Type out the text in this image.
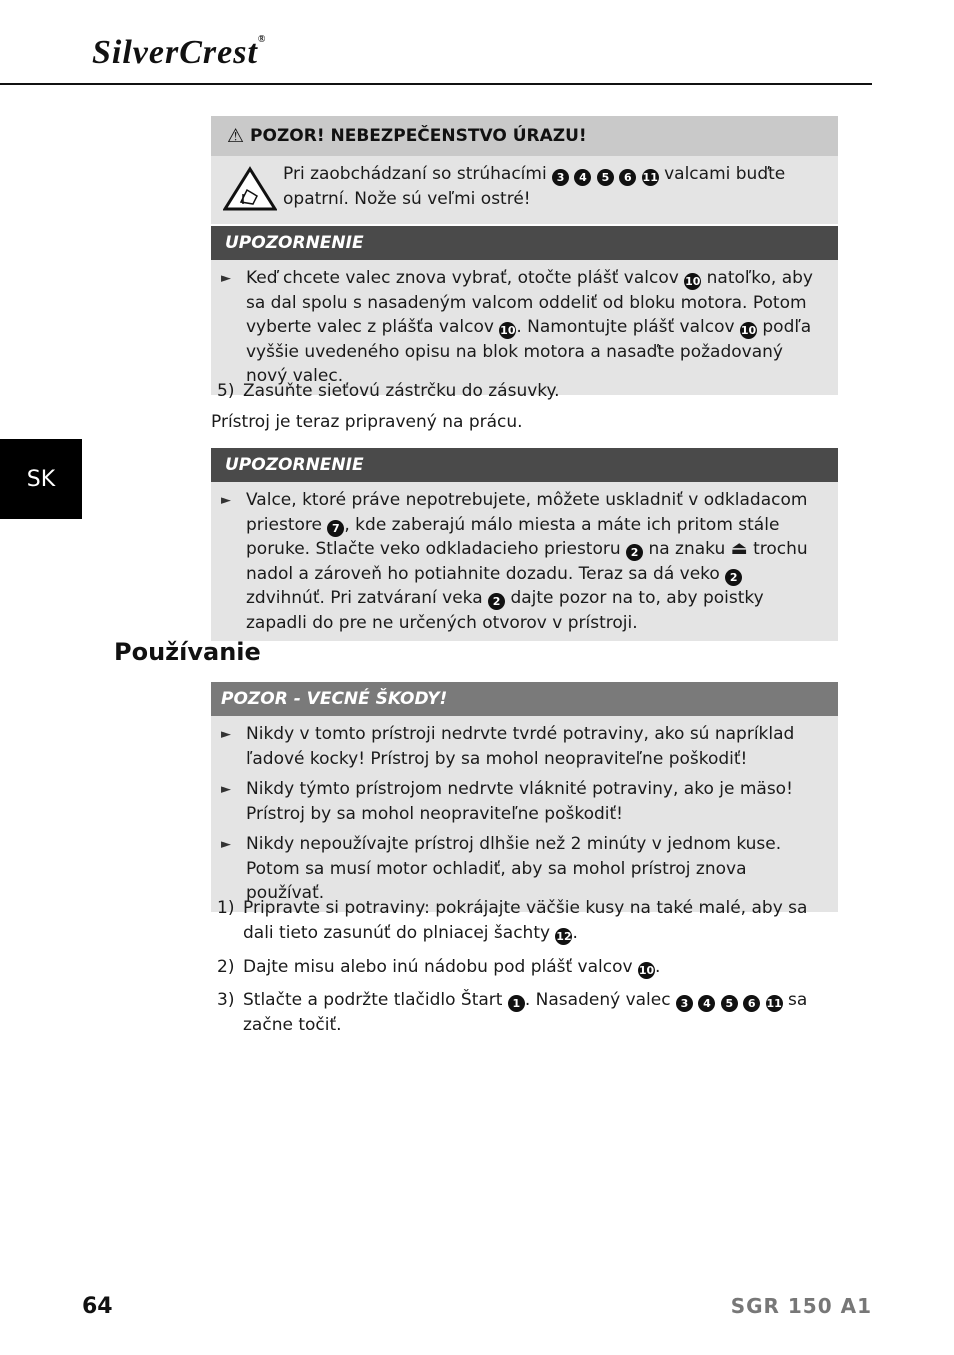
SilverCrest®
SK
⚠ POZOR! NEBEZPEČENSTVO ÚRAZU!
Pri zaobchádzaní so strúhacími 3 4 5 6 11 valcami buďte opatrní. Nože sú veľmi ostré!
UPOZORNENIE
► Keď chcete valec znova vybrať, otočte plášť valcov 10 natoľko, aby sa dal spolu s nasadeným valcom oddeliť od bloku motora. Potom vyberte valec z plášťa valcov 10. Namontujte plášť valcov 10 podľa vyššie uvedeného opisu na blok motora a nasaďte požadovaný nový valec.
5) Zasuňte sieťovú zástrčku do zásuvky.
Prístroj je teraz pripravený na prácu.
UPOZORNENIE
► Valce, ktoré práve nepotrebujete, môžete uskladniť v odkladacom priestore 7 , kde zaberajú málo miesta a máte ich pritom stále poruke. Stlačte veko odkladacieho priestoru 2 na znaku ⏏ trochu nadol a zároveň ho potiahnite dozadu. Teraz sa dá veko 2 zdvihnúť. Pri zatváraní veka 2 dajte pozor na to, aby poistky zapadli do pre ne určených otvorov v prístroji.
Používanie
POZOR - VECNÉ ŠKODY!
► Nikdy v tomto prístroji nedrvte tvrdé potraviny, ako sú napríklad ľadové kocky! Prístroj by sa mohol neopraviteľne poškodiť!
► Nikdy týmto prístrojom nedrvte vláknité potraviny, ako je mäso! Prístroj by sa mohol neopraviteľne poškodiť!
► Nikdy nepoužívajte prístroj dlhšie než 2 minúty v jednom kuse. Potom sa musí motor ochladiť, aby sa mohol prístroj znova používať.
1) Pripravte si potraviny: pokrájajte väčšie kusy na také malé, aby sa dali tieto zasunúť do plniacej šachty 12.
2) Dajte misu alebo inú nádobu pod plášť valcov 10.
3) Stlačte a podržte tlačidlo Štart 1 . Nasadený valec 3 4 5 6 11 sa začne točiť.
64	SGR 150 A1
